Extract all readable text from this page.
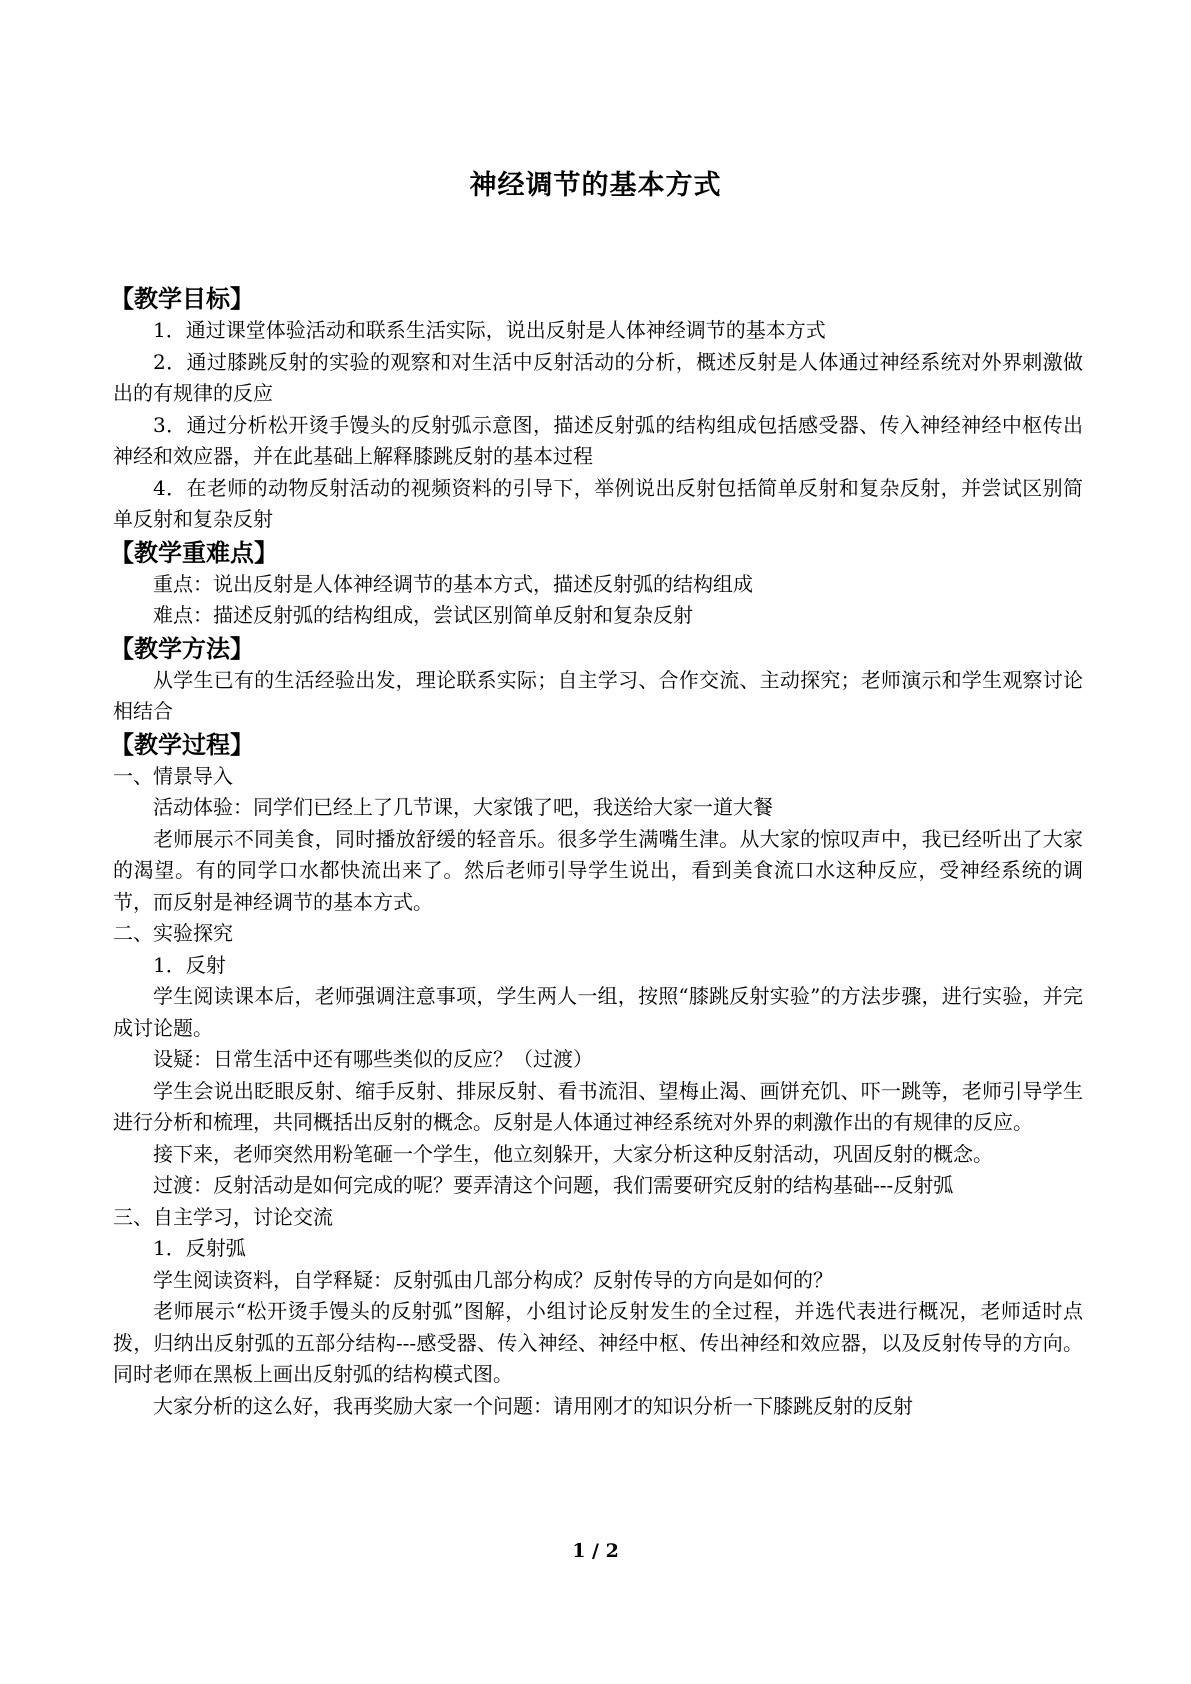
神经调节的基本方式
【教学目标】
1．通过课堂体验活动和联系生活实际，说出反射是人体神经调节的基本方式
2．通过膝跳反射的实验的观察和对生活中反射活动的分析，概述反射是人体通过神经系统对外界刺激做出的有规律的反应
3．通过分析松开烫手馒头的反射弧示意图，描述反射弧的结构组成包括感受器、传入神经神经中枢传出神经和效应器，并在此基础上解释膝跳反射的基本过程
4．在老师的动物反射活动的视频资料的引导下，举例说出反射包括简单反射和复杂反射，并尝试区别简单反射和复杂反射
【教学重难点】
重点：说出反射是人体神经调节的基本方式，描述反射弧的结构组成
难点：描述反射弧的结构组成，尝试区别简单反射和复杂反射
【教学方法】
从学生已有的生活经验出发，理论联系实际；自主学习、合作交流、主动探究；老师演示和学生观察讨论相结合
【教学过程】
一、情景导入
活动体验：同学们已经上了几节课，大家饿了吧，我送给大家一道大餐
老师展示不同美食，同时播放舒缓的轻音乐。很多学生满嘴生津。从大家的惊叹声中，我已经听出了大家的渴望。有的同学口水都快流出来了。然后老师引导学生说出，看到美食流口水这种反应，受神经系统的调节，而反射是神经调节的基本方式。
二、实验探究
1．反射
学生阅读课本后，老师强调注意事项，学生两人一组，按照“膝跳反射实验”的方法步骤，进行实验，并完成讨论题。
设疑：日常生活中还有哪些类似的反应？（过渡）
学生会说出眨眼反射、缩手反射、排尿反射、看书流泪、望梅止渴、画饼充饥、吓一跳等，老师引导学生进行分析和梳理，共同概括出反射的概念。反射是人体通过神经系统对外界的刺激作出的有规律的反应。
接下来，老师突然用粉笔砸一个学生，他立刻躲开，大家分析这种反射活动，巩固反射的概念。
过渡：反射活动是如何完成的呢？要弄清这个问题，我们需要研究反射的结构基础---反射弧
三、自主学习，讨论交流
1．反射弧
学生阅读资料，自学释疑：反射弧由几部分构成？反射传导的方向是如何的？
老师展示“松开烫手馒头的反射弧”图解，小组讨论反射发生的全过程，并选代表进行概况，老师适时点拨，归纳出反射弧的五部分结构---感受器、传入神经、神经中枢、传出神经和效应器，以及反射传导的方向。同时老师在黑板上画出反射弧的结构模式图。
大家分析的这么好，我再奖励大家一个问题：请用刚才的知识分析一下膝跳反射的反射
1 / 2
